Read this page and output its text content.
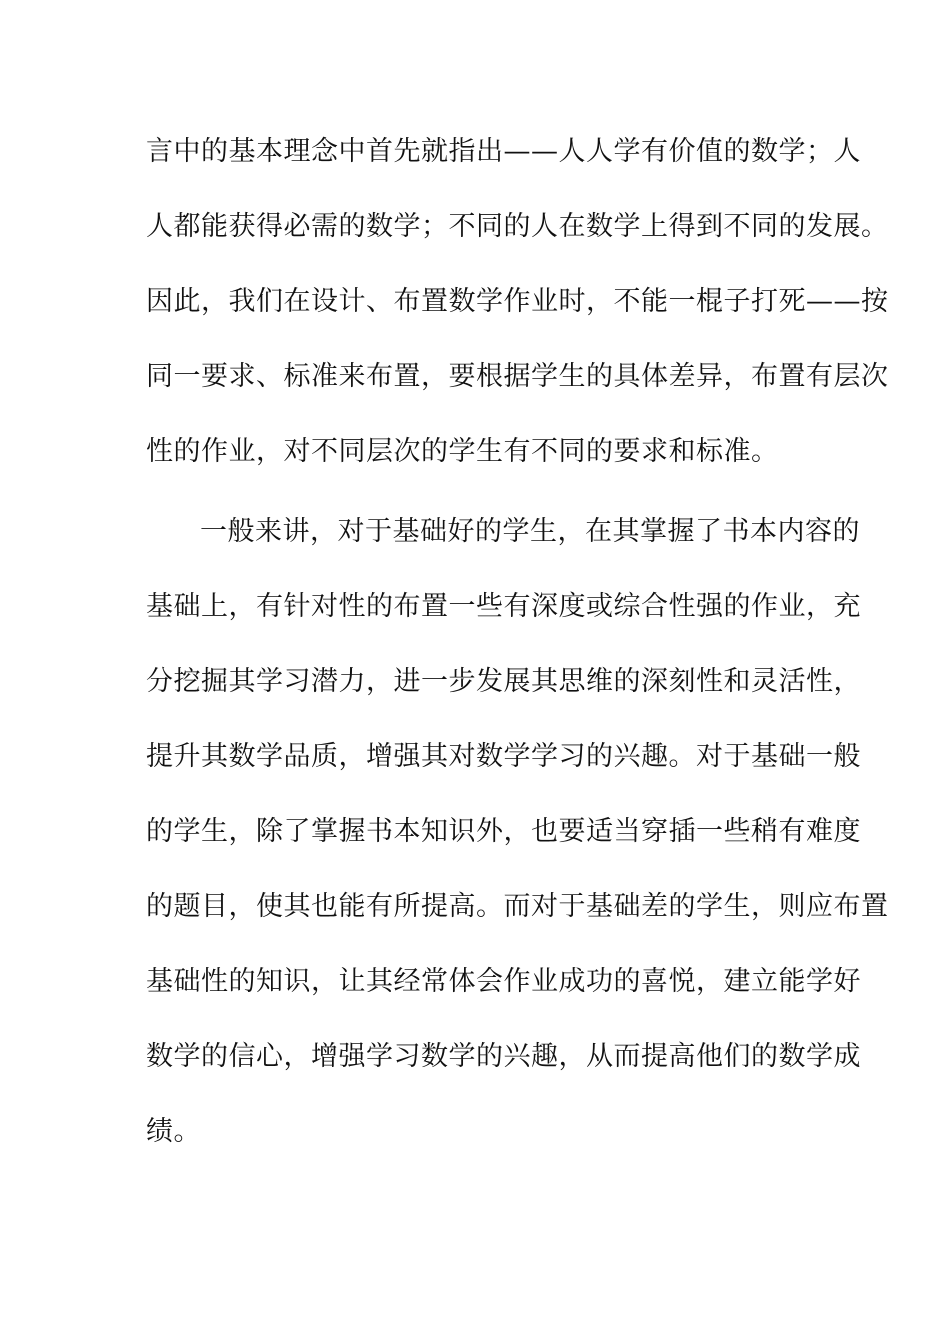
言中的基本理念中首先就指出——人人学有价值的数学；人
人都能获得必需的数学；不同的人在数学上得到不同的发展。
因此，我们在设计、布置数学作业时，不能一棍子打死——按
同一要求、标准来布置，要根据学生的具体差异，布置有层次
性的作业，对不同层次的学生有不同的要求和标准。
一般来讲，对于基础好的学生，在其掌握了书本内容的
基础上，有针对性的布置一些有深度或综合性强的作业，充
分挖掘其学习潜力，进一步发展其思维的深刻性和灵活性，
提升其数学品质，增强其对数学学习的兴趣。对于基础一般
的学生，除了掌握书本知识外，也要适当穿插一些稍有难度
的题目，使其也能有所提高。而对于基础差的学生，则应布置
基础性的知识，让其经常体会作业成功的喜悦，建立能学好
数学的信心，增强学习数学的兴趣，从而提高他们的数学成
绩。
